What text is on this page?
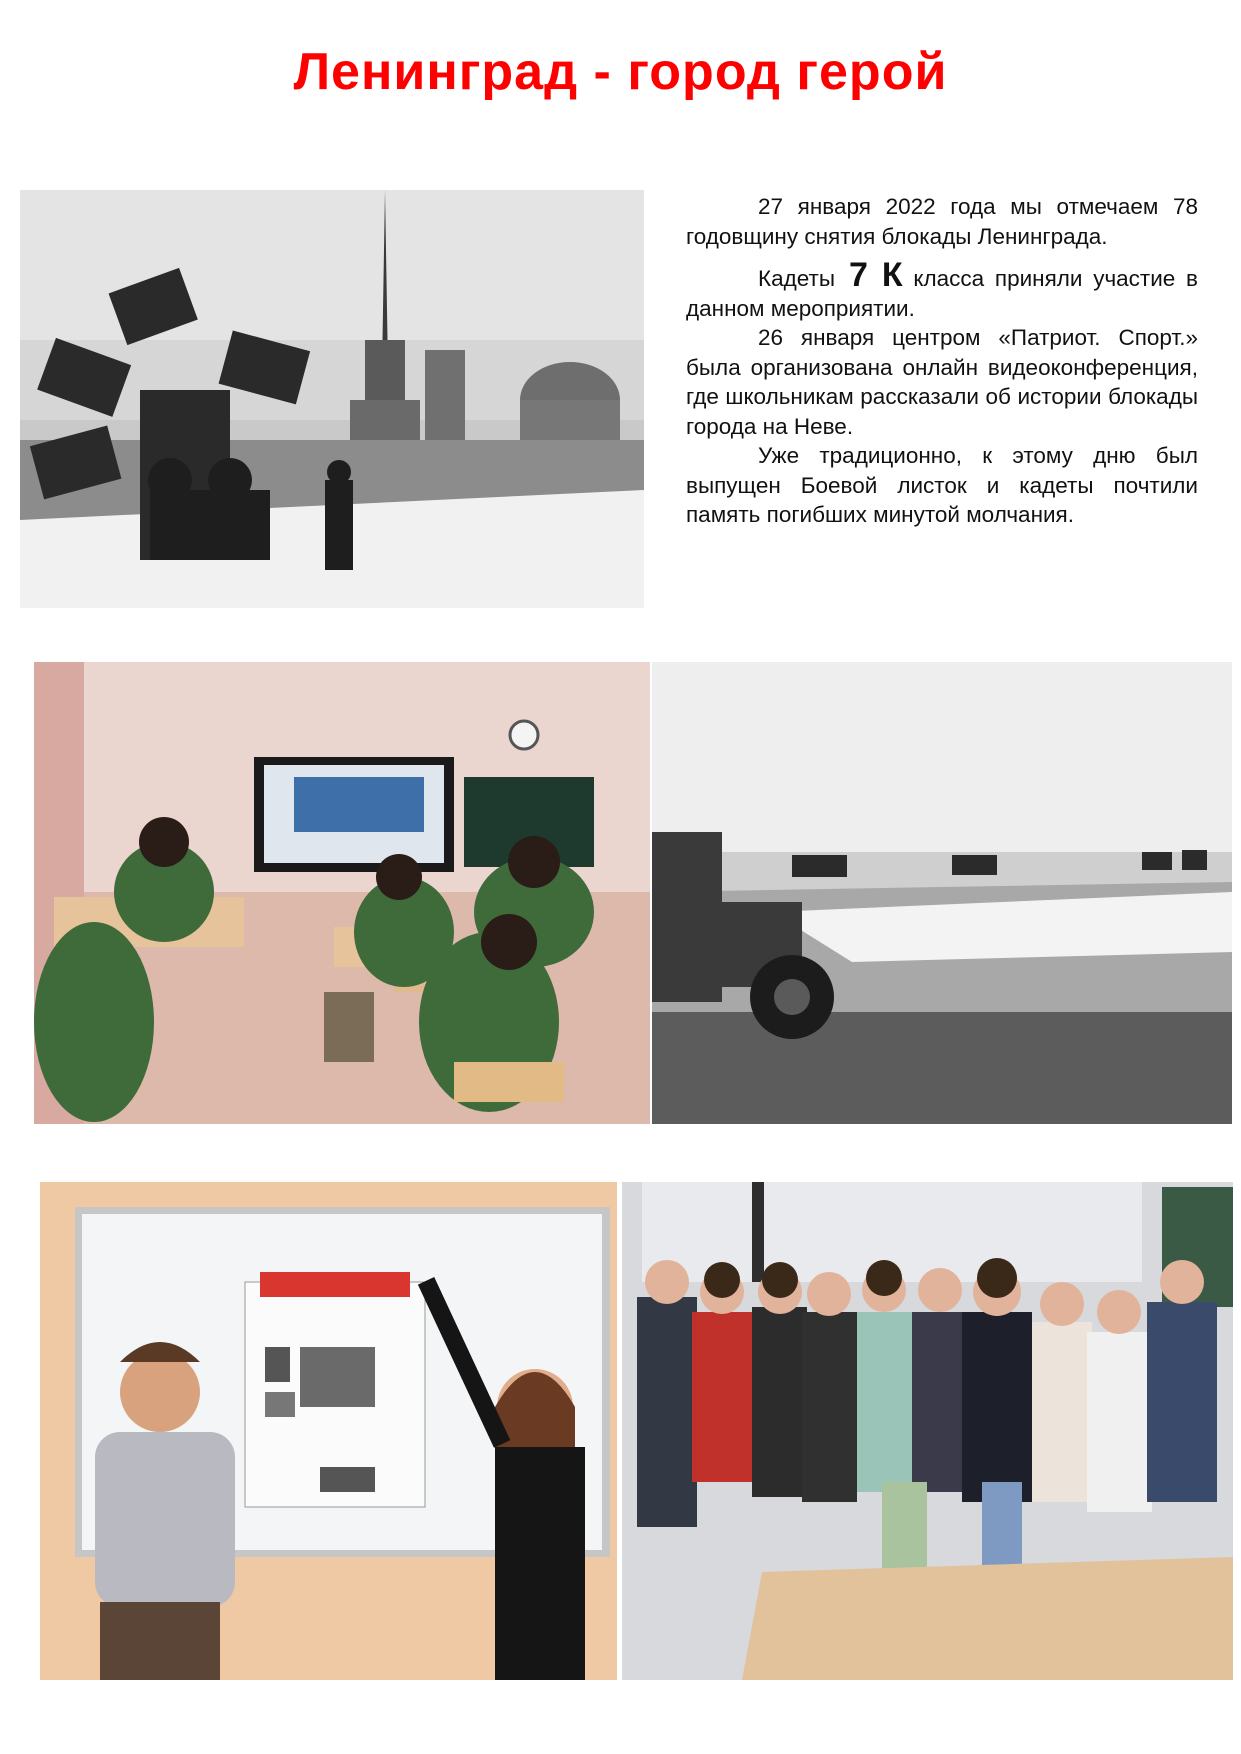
Ленинград - город герой

27 января 2022 года мы отмечаем 78 годовщину снятия блокады Ленинграда.

Кадеты 7 К класса приняли участие в данном мероприятии.

26 января центром «Патриот. Спорт.» была организована онлайн видеоконференция, где школьникам рассказали об истории блокады города на Неве.

Уже традиционно, к этому дню был выпущен Боевой листок и кадеты почтили память погибших минутой молчания.
